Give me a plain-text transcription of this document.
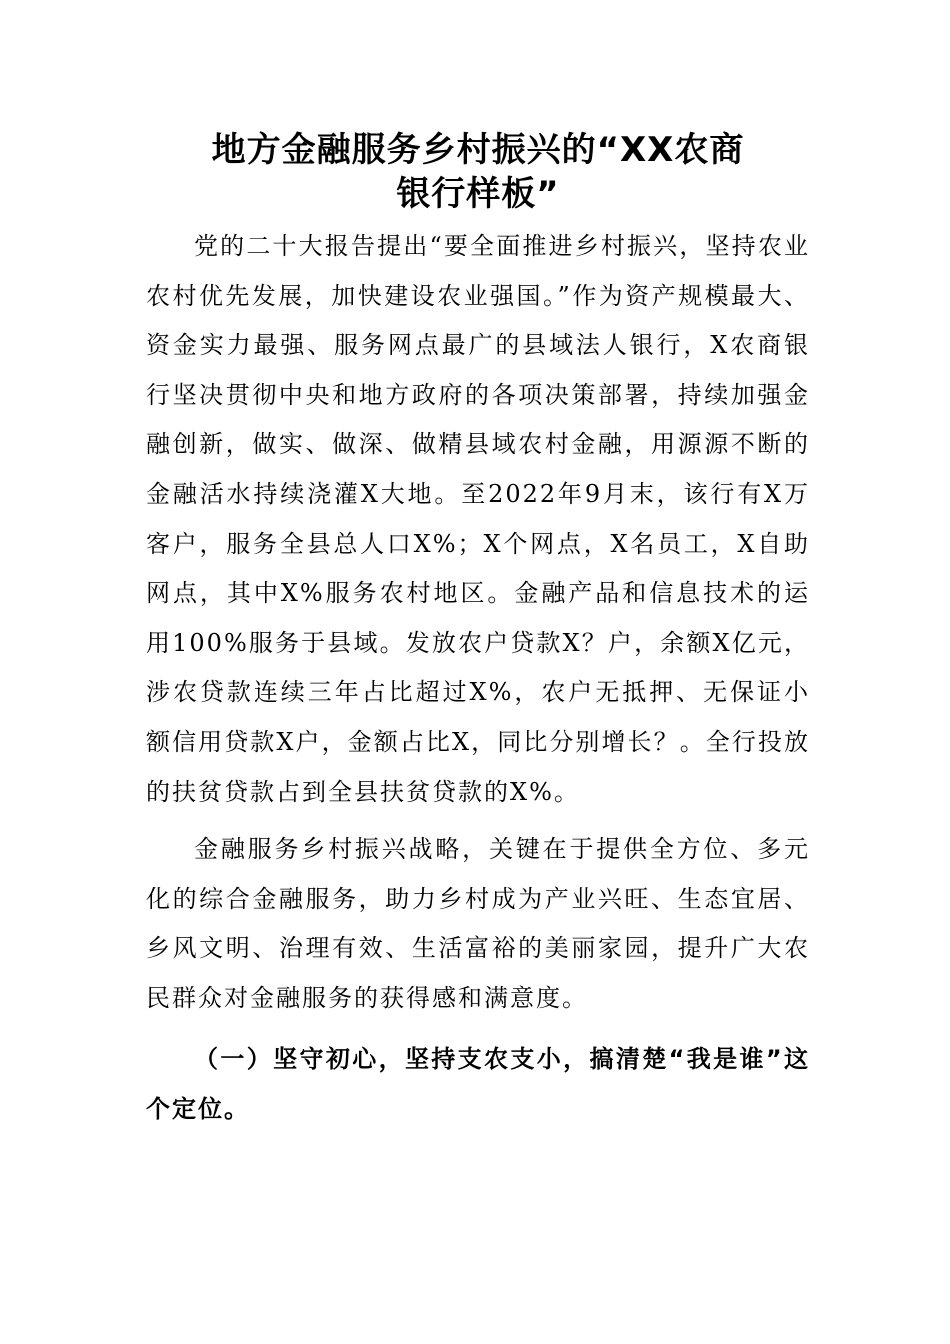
地方金融服务乡村振兴的“XX农商
银行样板”

党的二十大报告提出“要全面推进乡村振兴，坚持农业农村优先发展，加快建设农业强国。”作为资产规模最大、资金实力最强、服务网点最广的县域法人银行，X农商银行坚决贯彻中央和地方政府的各项决策部署，持续加强金融创新，做实、做深、做精县域农村金融，用源源不断的金融活水持续浇灌X大地。至2022年9月末，该行有X万客户，服务全县总人口X%；X个网点，X名员工，X自助网点，其中X%服务农村地区。金融产品和信息技术的运用100%服务于县域。发放农户贷款X？户，余额X亿元，涉农贷款连续三年占比超过X%，农户无抵押、无保证小额信用贷款X户，金额占比X，同比分别增长？。全行投放的扶贫贷款占到全县扶贫贷款的X%。

金融服务乡村振兴战略，关键在于提供全方位、多元化的综合金融服务，助力乡村成为产业兴旺、生态宜居、乡风文明、治理有效、生活富裕的美丽家园，提升广大农民群众对金融服务的获得感和满意度。

（一）坚守初心，坚持支农支小，搞清楚“我是谁”这个定位。
